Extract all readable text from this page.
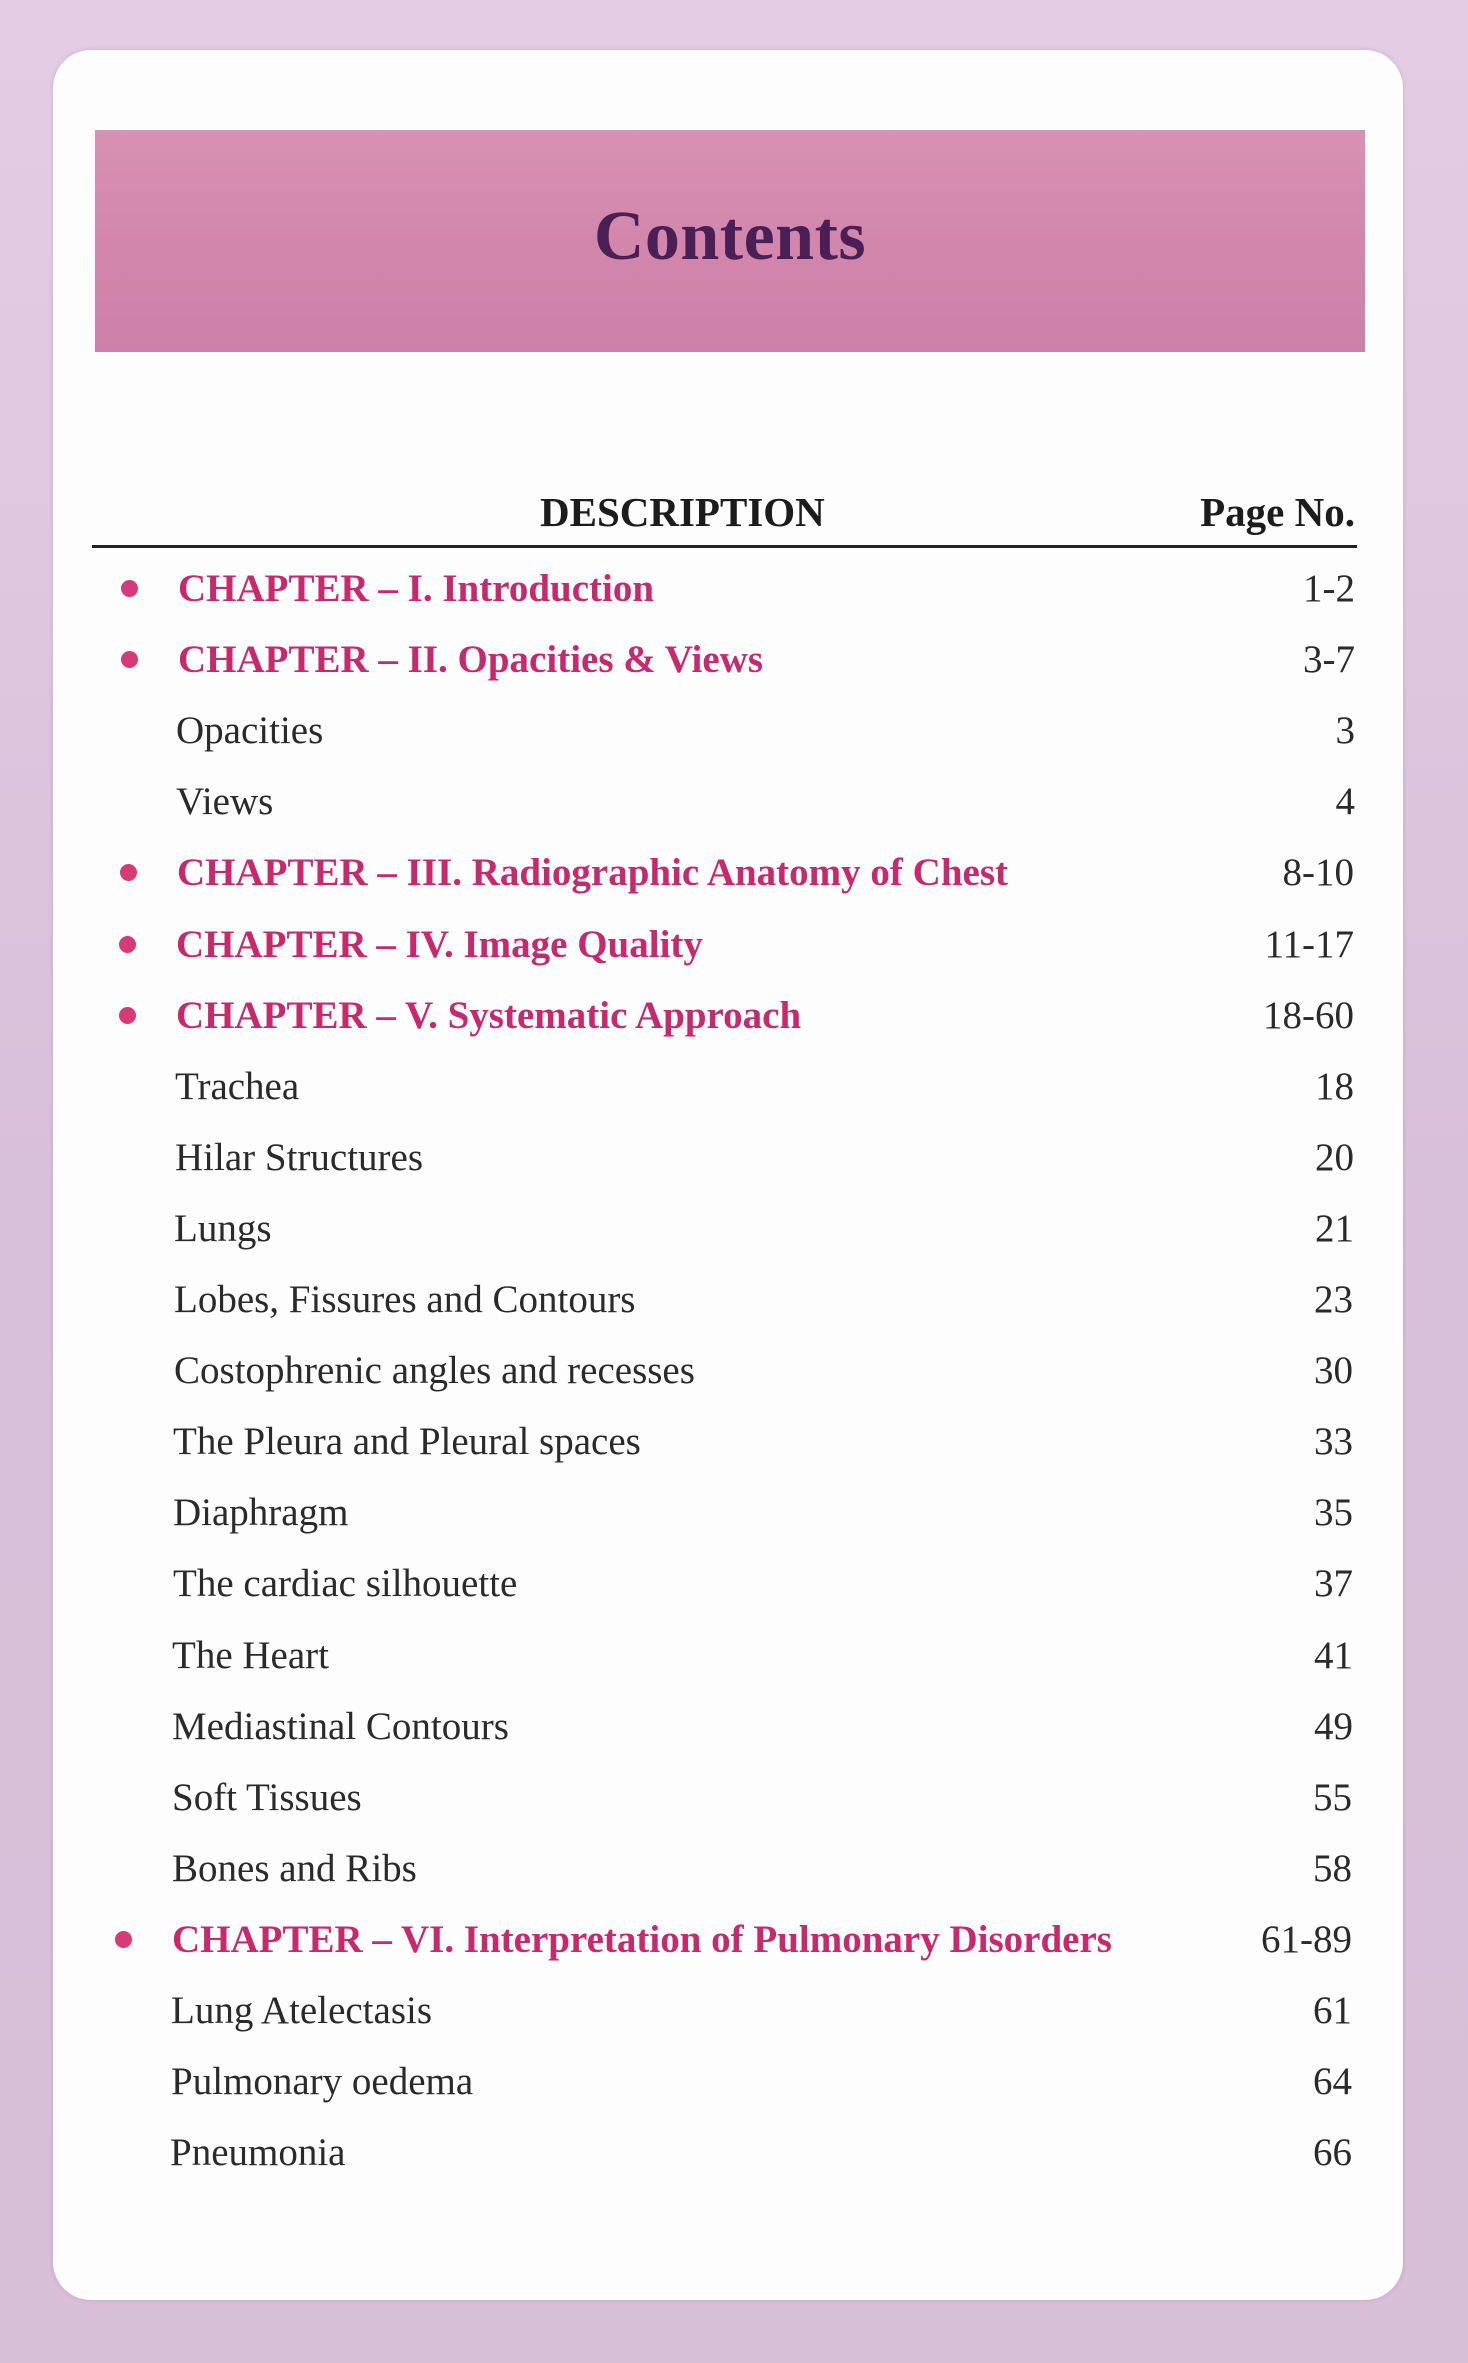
Contents
DESCRIPTION	Page No.
CHAPTER – I. Introduction	1-2
CHAPTER – II. Opacities & Views	3-7
Opacities	3
Views	4
CHAPTER – III. Radiographic Anatomy of Chest	8-10
CHAPTER – IV. Image Quality	11-17
CHAPTER – V. Systematic Approach	18-60
Trachea	18
Hilar Structures	20
Lungs	21
Lobes, Fissures and Contours	23
Costophrenic angles and recesses	30
The Pleura and Pleural spaces	33
Diaphragm	35
The cardiac silhouette	37
The Heart	41
Mediastinal Contours	49
Soft Tissues	55
Bones and Ribs	58
CHAPTER – VI. Interpretation of Pulmonary Disorders	61-89
Lung Atelectasis	61
Pulmonary oedema	64
Pneumonia	66
